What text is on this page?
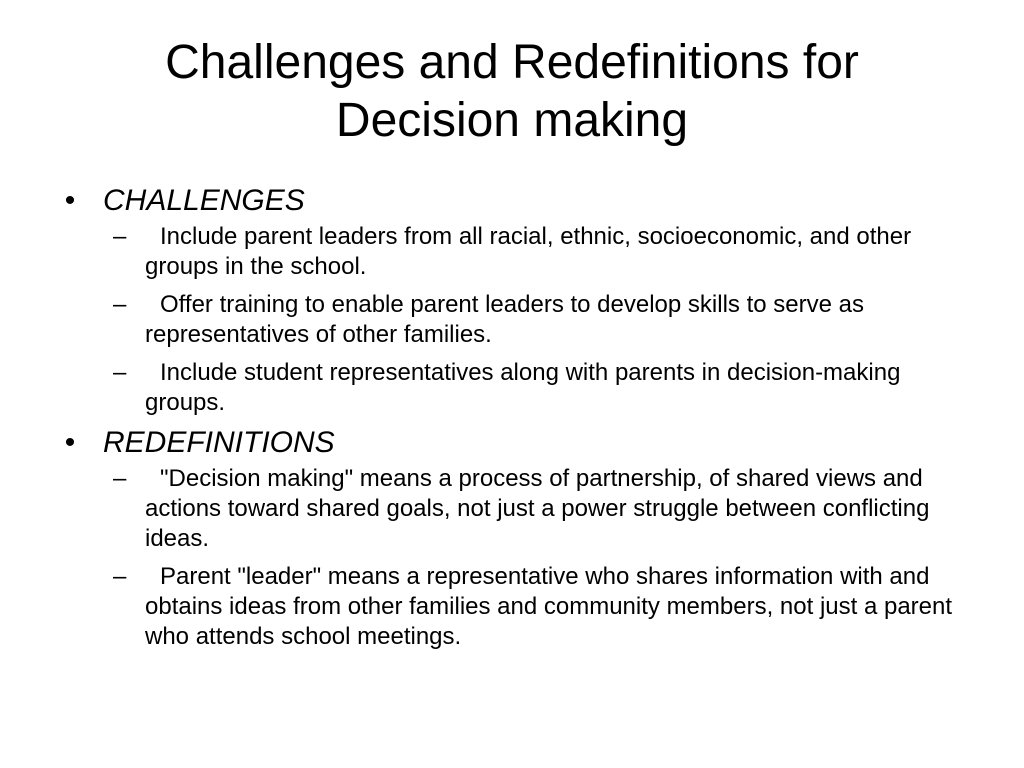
Challenges and Redefinitions for
Decision making
• CHALLENGES
–	Include parent leaders from all racial, ethnic, socioeconomic, and other groups in the school.
–	Offer training to enable parent leaders to develop skills to serve as representatives of other families.
–	Include student representatives along with parents in decision-making groups.
• REDEFINITIONS
–	"Decision making" means a process of partnership, of shared views and actions toward shared goals, not just a power struggle between conflicting ideas.
–	Parent "leader" means a representative who shares information with and obtains ideas from other families and community members, not just a parent who attends school meetings.
